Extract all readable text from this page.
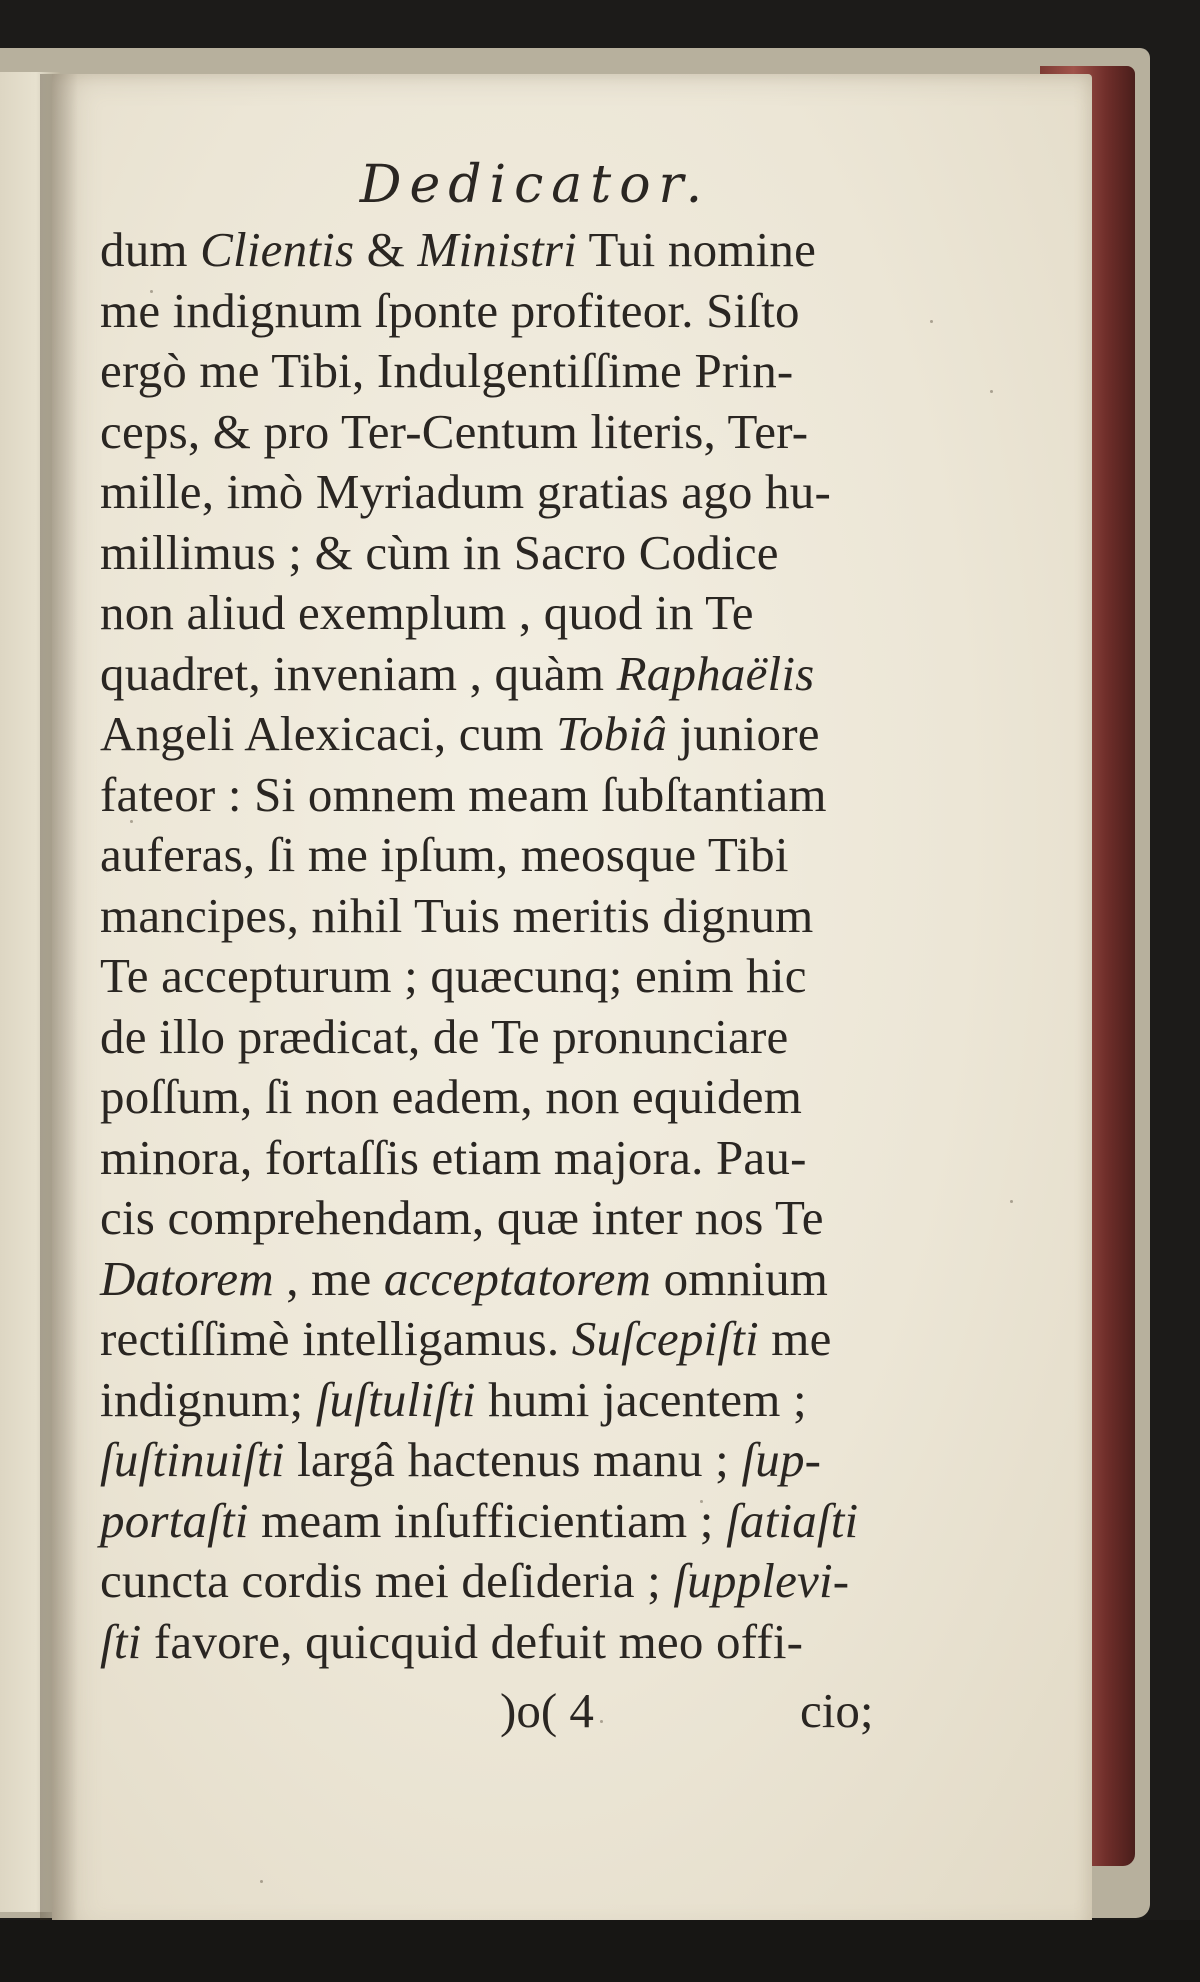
Dedicator.
dum Clientis & Ministri Tui nomine
me indignum ſponte profiteor. Siſto
ergò me Tibi, Indulgentiſſime Prin-
ceps, & pro Ter-Centum literis, Ter-
mille, imò Myriadum gratias ago hu-
millimus ; & cùm in Sacro Codice
non aliud exemplum , quod in Te
quadret, inveniam , quàm Raphaëlis
Angeli Alexicaci, cum Tobiâ juniore
fateor : Si omnem meam ſubſtantiam
auferas, ſi me ipſum, meosque Tibi
mancipes, nihil Tuis meritis dignum
Te accepturum ; quæcunq; enim hic
de illo prædicat, de Te pronunciare
poſſum, ſi non eadem, non equidem
minora, fortaſſis etiam majora. Pau-
cis comprehendam, quæ inter nos Te
Datorem , me acceptatorem omnium
rectiſſimè intelligamus. Suſcepiſti me
indignum; ſuſtuliſti humi jacentem ;
ſuſtinuiſti largâ hactenus manu ; ſup-
portaſti meam inſufficientiam ; ſatiaſti
cuncta cordis mei deſideria ; ſupplevi-
ſti favore, quicquid defuit meo offi-
)o( 4	cio;
